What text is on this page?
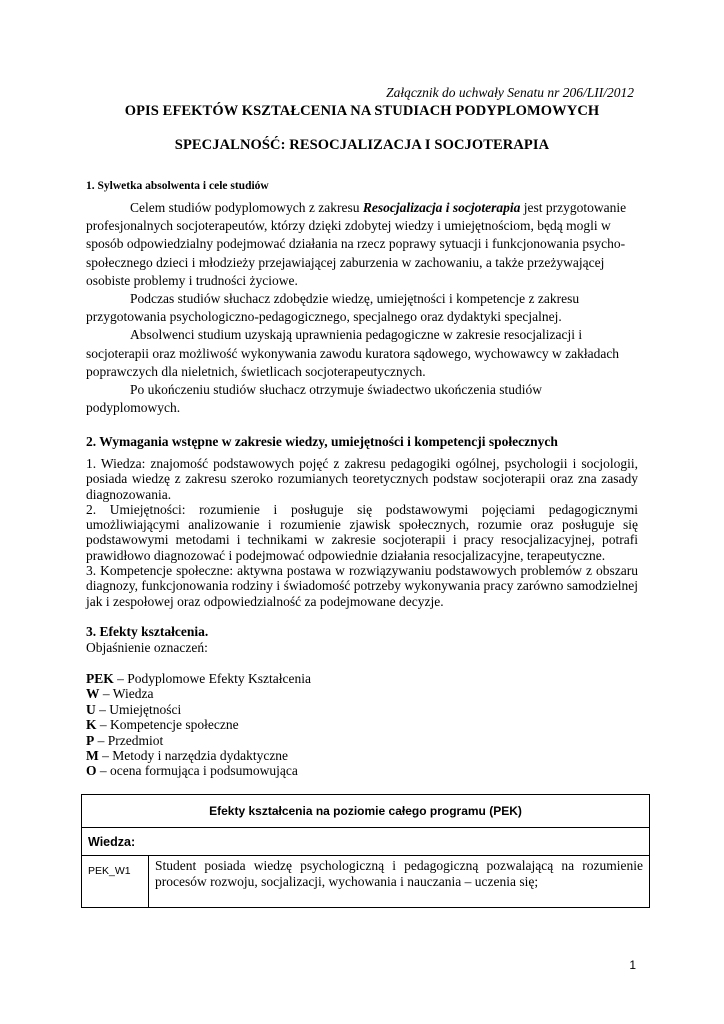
Załącznik do uchwały Senatu nr 206/LII/2012
OPIS EFEKTÓW KSZTAŁCENIA NA STUDIACH PODYPLOMOWYCH
SPECJALNOŚĆ: RESOCJALIZACJA I SOCJOTERAPIA
1. Sylwetka absolwenta i cele studiów

Celem studiów podyplomowych z zakresu Resocjalizacja i socjoterapia jest przygotowanie profesjonalnych socjoterapeutów, którzy dzięki zdobytej wiedzy i umiejętnościom, będą mogli w sposób odpowiedzialny podejmować działania na rzecz poprawy sytuacji i funkcjonowania psycho-społecznego dzieci i młodzieży przejawiającej zaburzenia w zachowaniu, a także przeżywającej osobiste problemy i trudności życiowe.

Podczas studiów słuchacz zdobędzie wiedzę, umiejętności i kompetencje z zakresu przygotowania psychologiczno-pedagogicznego, specjalnego oraz dydaktyki specjalnej.

Absolwenci studium uzyskają uprawnienia pedagogiczne w zakresie resocjalizacji i socjoterapii oraz możliwość wykonywania zawodu kuratora sądowego, wychowawcy w zakładach poprawczych dla nieletnich, świetlicach socjoterapeutycznych.

Po ukończeniu studiów słuchacz otrzymuje świadectwo ukończenia studiów podyplomowych.

2. Wymagania wstępne w zakresie wiedzy, umiejętności i kompetencji społecznych

1. Wiedza: znajomość podstawowych pojęć z zakresu pedagogiki ogólnej, psychologii i socjologii, posiada wiedzę z zakresu szeroko rozumianych teoretycznych podstaw socjoterapii oraz zna zasady diagnozowania.

2. Umiejętności: rozumienie i posługuje się podstawowymi pojęciami pedagogicznymi umożliwiającymi analizowanie i rozumienie zjawisk społecznych, rozumie oraz posługuje się podstawowymi metodami i technikami w zakresie socjoterapii i pracy resocjalizacyjnej, potrafi prawidłowo diagnozować i podejmować odpowiednie działania resocjalizacyjne, terapeutyczne.

3. Kompetencje społeczne: aktywna postawa w rozwiązywaniu podstawowych problemów z obszaru diagnozy, funkcjonowania rodziny i świadomość potrzeby wykonywania pracy zarówno samodzielnej jak i zespołowej oraz odpowiedzialność za podejmowane decyzje.

3. Efekty kształcenia.
Objaśnienie oznaczeń:
PEK – Podyplomowe Efekty Kształcenia
W – Wiedza
U – Umiejętności
K – Kompetencje społeczne
P – Przedmiot
M – Metody i narzędzia dydaktyczne
O – ocena formująca i podsumowująca
Efekty kształcenia na poziomie całego programu (PEK)
Wiedza:
PEK_W1	Student posiada wiedzę psychologiczną i pedagogiczną pozwalającą na rozumienie procesów rozwoju, socjalizacji, wychowania i nauczania – uczenia się;
1
